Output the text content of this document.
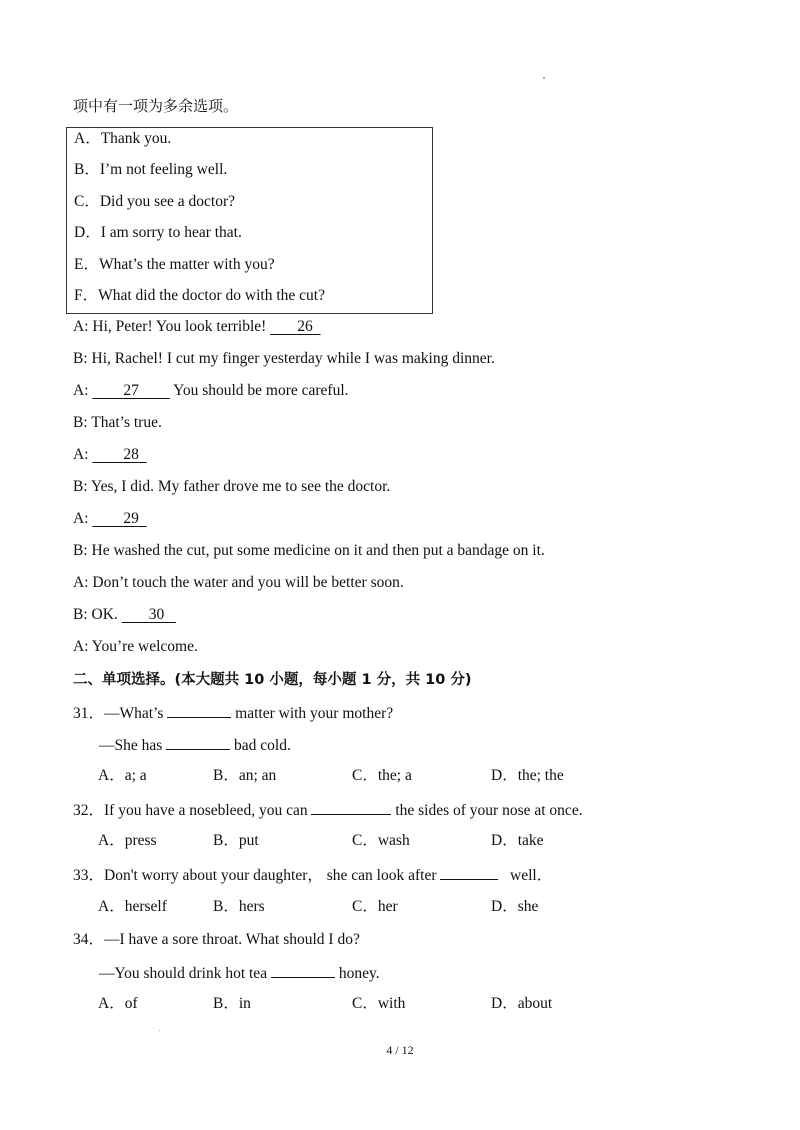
项中有一项为多余选项。
A．Thank you.
B．I’m not feeling well.
C．Did you see a doctor?
D．I am sorry to hear that.
E．What’s the matter with you?
F．What did the doctor do with the cut?
A: Hi, Peter! You look terrible!        26
B: Hi, Rachel! I cut my finger yesterday while I was making dinner.
A:         27         You should be more careful.
B: That’s true.
A:         28
B: Yes, I did. My father drove me to see the doctor.
A:         29
B: He washed the cut, put some medicine on it and then put a bandage on it.
A: Don’t touch the water and you will be better soon.
B: OK.        30
A: You’re welcome.
二、单项选择。(本大题共 10 小题，每小题 1 分，共 10 分)
31．—What’s	matter with your mother?
—She has	bad cold.
A．a; a	B．an; an	C．the; a	D．the; the
32．If you have a nosebleed, you can	the sides of your nose at once.
A．press	B．put	C．wash	D．take
33．Don't worry about your daughter， she can look after	well．
A．herself	B．hers	C．her	D．she
34．—I have a sore throat. What should I do?
—You should drink hot tea	honey.
A．of	B．in	C．with	D．about
4 / 12
